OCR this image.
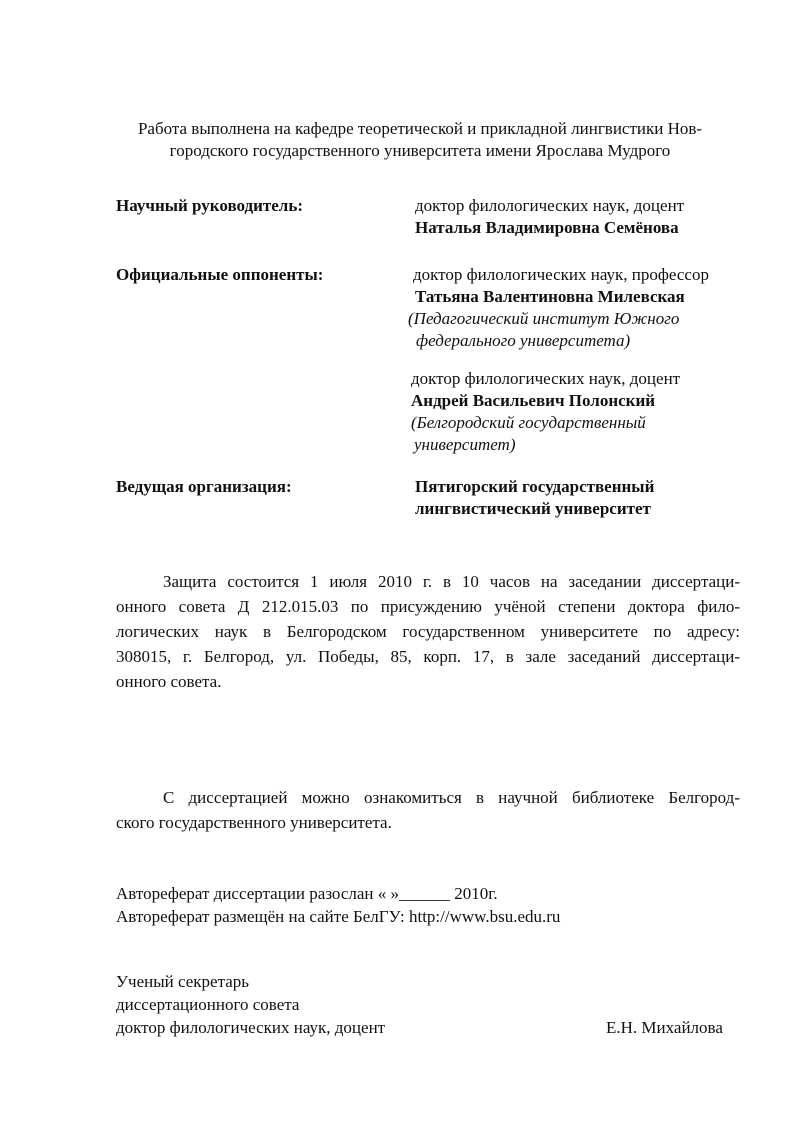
Работа выполнена на кафедре теоретической и прикладной лингвистики Нов-
городского государственного университета имени Ярослава Мудрого
Научный руководитель:	доктор филологических наук, доцент
Наталья Владимировна Семёнова
Официальные оппоненты:	доктор филологических наук, профессор
Татьяна Валентиновна Милевская
(Педагогический институт Южного
федерального университета)
доктор филологических наук, доцент
Андрей Васильевич Полонский
(Белгородский государственный
университет)
Ведущая организация:	Пятигорский государственный
лингвистический университет
Защита состоится 1 июля 2010 г. в 10 часов на заседании диссертаци-
онного совета Д 212.015.03 по присуждению учёной степени доктора фило-
логических наук в Белгородском государственном университете по адресу:
308015, г. Белгород, ул. Победы, 85, корп. 17, в зале заседаний диссертаци-
онного совета.
С диссертацией можно ознакомиться в научной библиотеке Белгород-
ского государственного университета.
Автореферат диссертации разослан « »______ 2010г.
Автореферат размещён на сайте БелГУ: http://www.bsu.edu.ru
Ученый секретарь
диссертационного совета
доктор филологических наук, доцент	Е.Н. Михайлова
